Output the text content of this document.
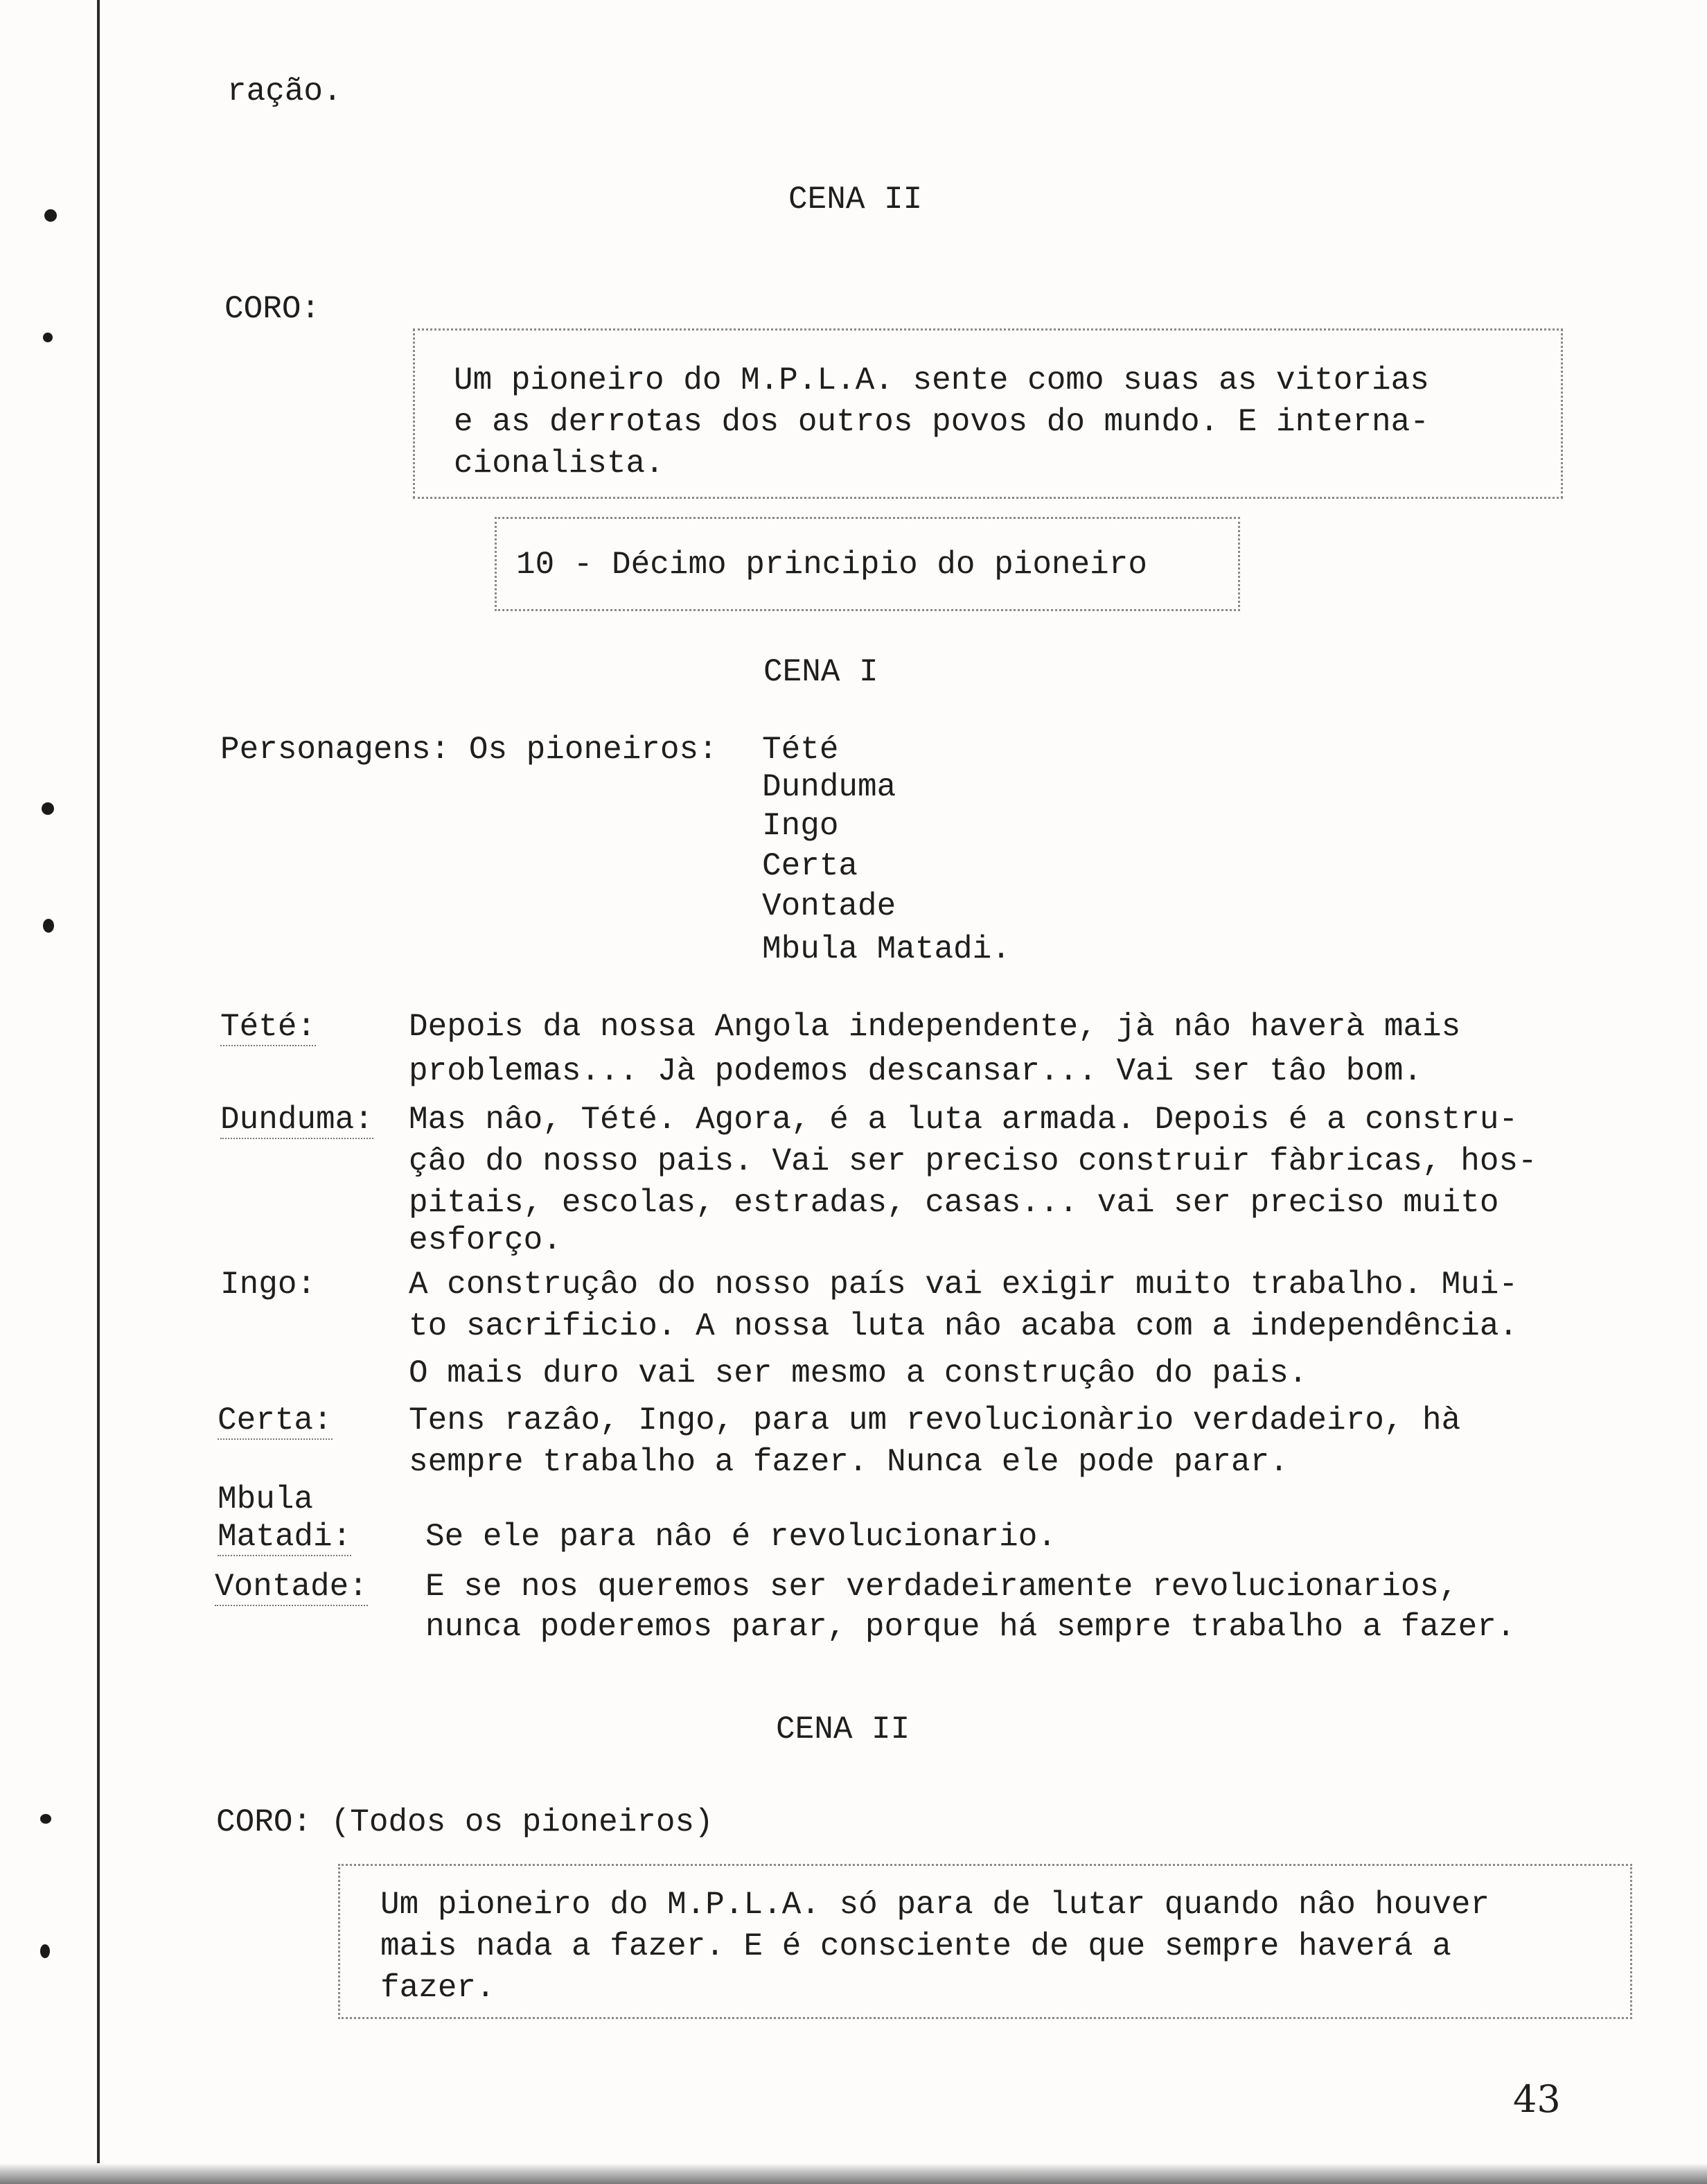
ração.

CENA II

CORO:

Um pioneiro do M.P.L.A. sente como suas as vitorias

e as derrotas dos outros povos do mundo. E interna-

cionalista.

10 - Décimo principio do pioneiro

CENA I

Personagens: Os pioneiros: Tété

Dunduma

Ingo

Certa

Vontade

Mbula Matadi.

Tété:	Depois da nossa Angola independente, jà nâo haverà mais

problemas... Jà podemos descansar... Vai ser tâo bom.

Dunduma: Mas nâo, Tété. Agora, é a luta armada. Depois é a constru-

çâo do nosso pais. Vai ser preciso construir fàbricas, hos-

pitais, escolas, estradas, casas... vai ser preciso muito

esforço.

Ingo:	A construçâo do nosso país vai exigir muito trabalho. Mui-

to sacrificio. A nossa luta nâo acaba com a independência.

O mais duro vai ser mesmo a construçâo do pais.

Certa: Tens razâo, Ingo, para um revolucionàrio verdadeiro, hà

sempre trabalho a fazer. Nunca ele pode parar.

Mbula

Matadi: Se ele para nâo é revolucionario.

Vontade: E se nos queremos ser verdadeiramente revolucionarios,

nunca poderemos parar, porque há sempre trabalho a fazer.

CENA II

CORO: (Todos os pioneiros)

Um pioneiro do M.P.L.A. só para de lutar quando nâo houver

mais nada a fazer. E é consciente de que sempre haverá a

fazer.

43
